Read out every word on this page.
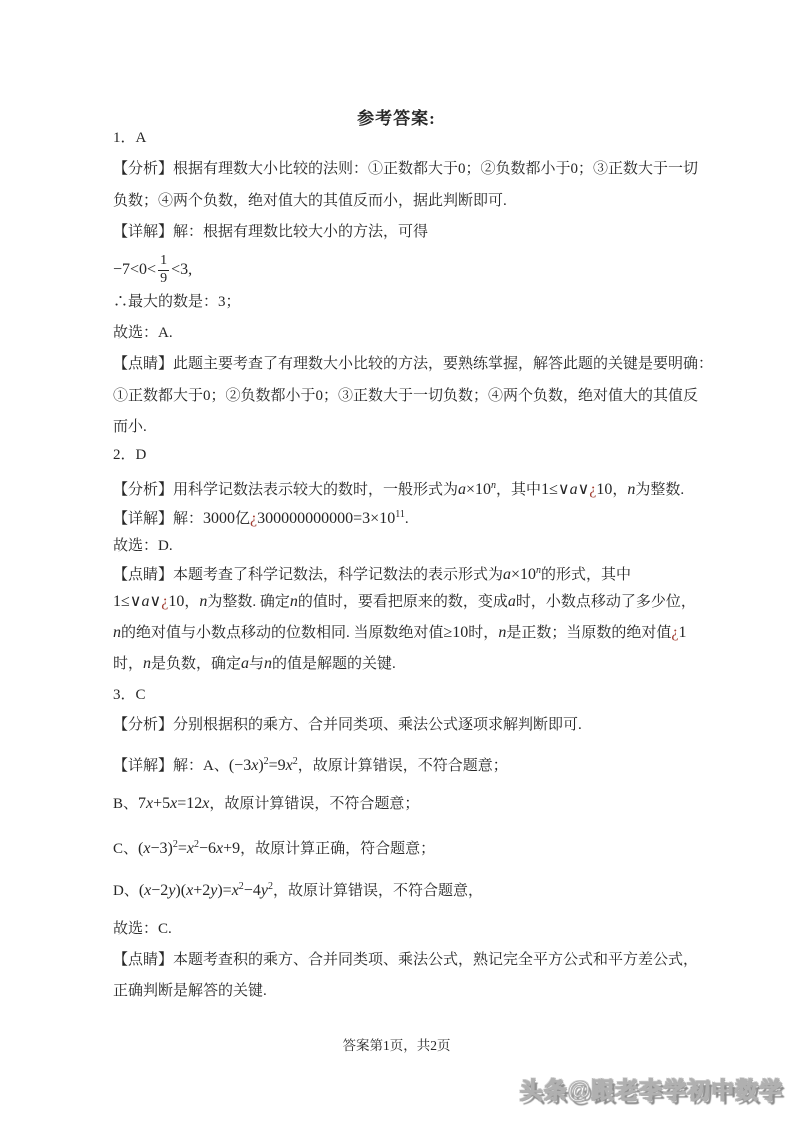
参考答案:
1．A
【分析】根据有理数大小比较的法则：①正数都大于0；②负数都小于0；③正数大于一切
负数；④两个负数，绝对值大的其值反而小，据此判断即可.
【详解】解：根据有理数比较大小的方法，可得
$-7<0< \frac{1}{9} <3$,
∴最大的数是：3；
故选：A.
【点睛】此题主要考查了有理数大小比较的方法，要熟练掌握，解答此题的关键是要明确：
①正数都大于0；②负数都小于0；③正数大于一切负数；④两个负数，绝对值大的其值反
而小.
2．D
【分析】用科学记数法表示较大的数时，一般形式为$a\times 10^n$，其中1≤∨a∨¿10，n为整数.
【详解】解：3000亿¿$300000000000=3\times 10^{11}$.
故选：D.
【点睛】本题考查了科学记数法，科学记数法的表示形式为$a\times 10^n$的形式，其中
1≤∨a∨¿10，n为整数. 确定n的值时，要看把原来的数，变成a时，小数点移动了多少位，
n的绝对值与小数点移动的位数相同. 当原数绝对值≥10时，n是正数；当原数的绝对值¿1
时，n是负数，确定a与n的值是解题的关键.
3．C
【分析】分别根据积的乘方、合并同类项、乘法公式逐项求解判断即可.
【详解】解：A、$(-3x)^2=9x^2$，故原计算错误，不符合题意；
B、7x+5x=12x，故原计算错误，不符合题意；
C、$(x-3)^2=x^2-6x+9$，故原计算正确，符合题意；
D、$(x-2y)(x+2y)=x^2-4y^2$，故原计算错误，不符合题意，
故选：C.
【点睛】本题考查积的乘方、合并同类项、乘法公式，熟记完全平方公式和平方差公式，
正确判断是解答的关键.
答案第1页，共2页
头条@跟老李学初中数学
